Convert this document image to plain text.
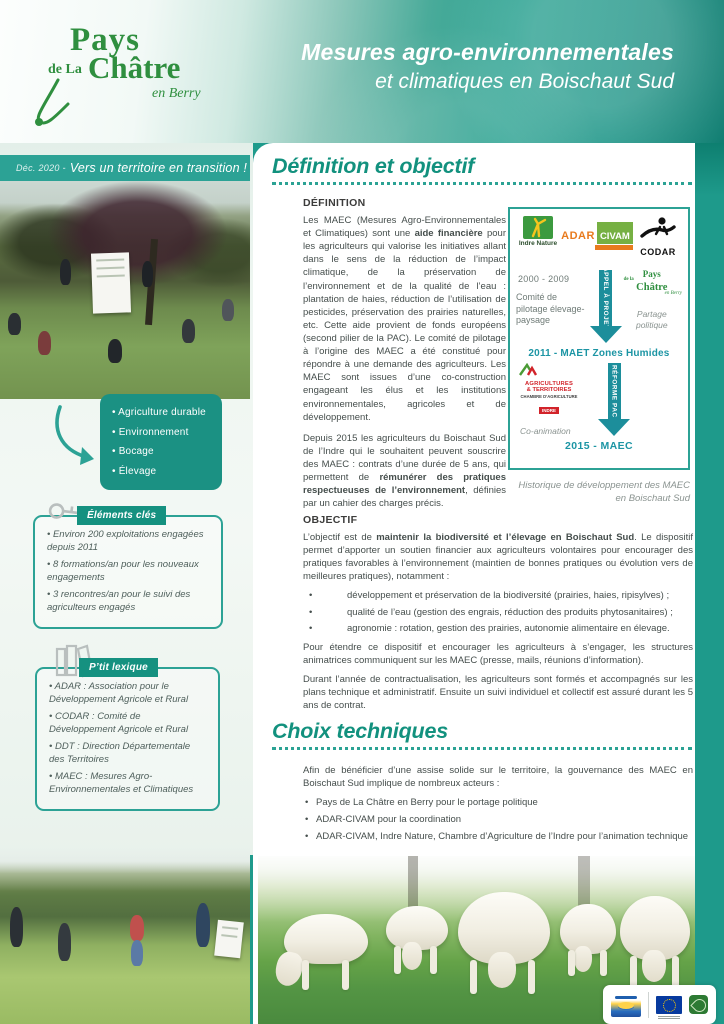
Pays
de La Châtre
en Berry
Mesures agro-environnementales
et climatiques en Boischaut Sud
Déc. 2020 - Vers un territoire en transition !
• Agriculture durable
• Environnement
• Bocage
• Élevage
Éléments clés

• Environ 200 exploitations engagées depuis 2011

• 8 formations/an pour les nouveaux engagements

• 3 rencontres/an pour le suivi des agriculteurs engagés

P’tit lexique

• ADAR : Association pour le Développement Agricole et Rural

• CODAR : Comité de Développement Agricole et Rural

• DDT : Direction Départementale des Territoires

• MAEC : Mesures Agro-Environnementales et Climatiques

Définition et objectif
DÉFINITION

Les MAEC (Mesures Agro-Environnementales et Climatiques) sont une aide financière pour les agriculteurs qui valorise les initiatives allant dans le sens de la réduction de l’impact climatique, de la préservation de l’environnement et de la qualité de l’eau : plantation de haies, réduction de l’utilisation de pesticides, préservation des prairies naturelles, etc. Cette aide provient de fonds européens (second pilier de la PAC). Le comité de pilotage à l’origine des MAEC a été constitué pour répondre à une demande des agriculteurs. Les MAEC sont issues d’une co-construction engageant les élus et les institutions environnementales, agricoles et de développement.

Depuis 2015 les agriculteurs du Boischaut Sud de l’Indre qui le souhaitent peuvent souscrire des MAEC : contrats d’une durée de 5 ans, qui permettent de rémunérer des pratiques respectueuses de l’environnement, définies par un cahier des charges précis.

Indre Nature
ADAR CIVAM
CODAR
2000 - 2009
Comité de pilotage élevage-paysage	APPEL À PROJET	Pays
de la
Châtre
en Berry
Partage politique
2011 - MAET Zones Humides
AGRICULTURES
& TERRITOIRES
CHAMBRE D’AGRICULTURE
INDRE
Co-animation
RÉFORME PAC
2015 - MAEC
Historique de développement des MAEC en Boischaut Sud
OBJECTIF

L’objectif est de maintenir la biodiversité et l’élevage en Boischaut Sud. Le dispositif permet d’apporter un soutien financier aux agriculteurs volontaires pour encourager des pratiques favorables à l’environnement (maintien de bonnes pratiques ou évolution vers de meilleures pratiques), notamment :

• développement et préservation de la biodiversité (prairies, haies, ripisylves) ;
• qualité de l’eau (gestion des engrais, réduction des produits phytosanitaires) ;
• agronomie : rotation, gestion des prairies, autonomie alimentaire en élevage.

Pour étendre ce dispositif et encourager les agriculteurs à s’engager, les structures animatrices communiquent sur les MAEC (presse, mails, réunions d’information).

Durant l’année de contractualisation, les agriculteurs sont formés et accompagnés sur les plans technique et administratif. Ensuite un suivi individuel et collectif est assuré durant les 5 ans de contrat.

Choix techniques

Afin de bénéficier d’une assise solide sur le territoire, la gouvernance des MAEC en Boischaut Sud implique de nombreux acteurs :

• Pays de La Châtre en Berry pour le portage politique
• ADAR-CIVAM pour la coordination
• ADAR-CIVAM, Indre Nature, Chambre d’Agriculture de l’Indre pour l’animation technique
